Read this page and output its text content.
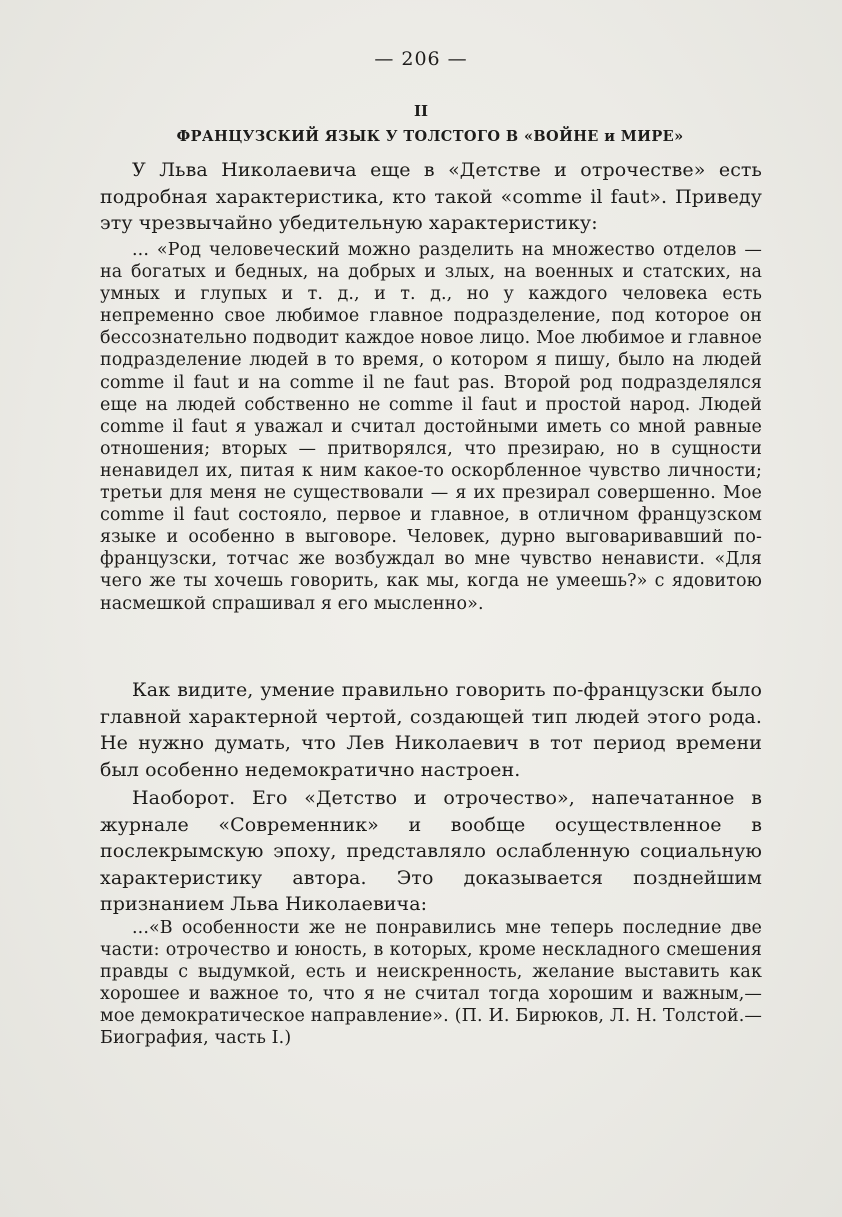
— 206 —
II
ФРАНЦУЗСКИЙ ЯЗЫК У ТОЛСТОГО В «ВОЙНЕ и МИРЕ»

У Льва Николаевича еще в «Детстве и отрочестве» есть подробная характеристика, кто такой «comme il faut». Приведу эту чрезвычайно убедительную характеристику:

... «Род человеческий можно разделить на множество отделов — на богатых и бедных, на добрых и злых, на военных и статских, на умных и глупых и т. д., и т. д., но у каждого человека есть непременно свое любимое главное подразделение, под которое он бессознательно подводит каждое новое лицо. Мое любимое и главное подразделение людей в то время, о котором я пишу, было на людей comme il faut и на comme il ne faut pas. Второй род подразделялся еще на людей собственно не comme il faut и простой народ. Людей comme il faut я уважал и считал достойными иметь со мной равные отношения; вторых — притворялся, что презираю, но в сущности ненавидел их, питая к ним какое-то оскорбленное чувство личности; третьи для меня не существовали — я их презирал совершенно. Мое comme il faut состояло, первое и главное, в отличном французском языке и особенно в выговоре. Человек, дурно выговаривавший по-французски, тотчас же возбуждал во мне чувство ненависти. «Для чего же ты хочешь говорить, как мы, когда не умеешь?» с ядовитою насмешкой спрашивал я его мысленно».

Как видите, умение правильно говорить по-французски было главной характерной чертой, создающей тип людей этого рода. Не нужно думать, что Лев Николаевич в тот период времени был особенно недемократично настроен.

Наоборот. Его «Детство и отрочество», напечатанное в журнале «Современник» и вообще осуществленное в послекрымскую эпоху, представляло ослабленную социальную характеристику автора. Это доказывается позднейшим признанием Льва Николаевича:

...«В особенности же не понравились мне теперь последние две части: отрочество и юность, в которых, кроме нескладного смешения правды с выдумкой, есть и неискренность, желание выставить как хорошее и важное то, что я не считал тогда хорошим и важным,— мое демократическое направление». (П. И. Бирюков, Л. Н. Толстой.— Биография, часть I.)
